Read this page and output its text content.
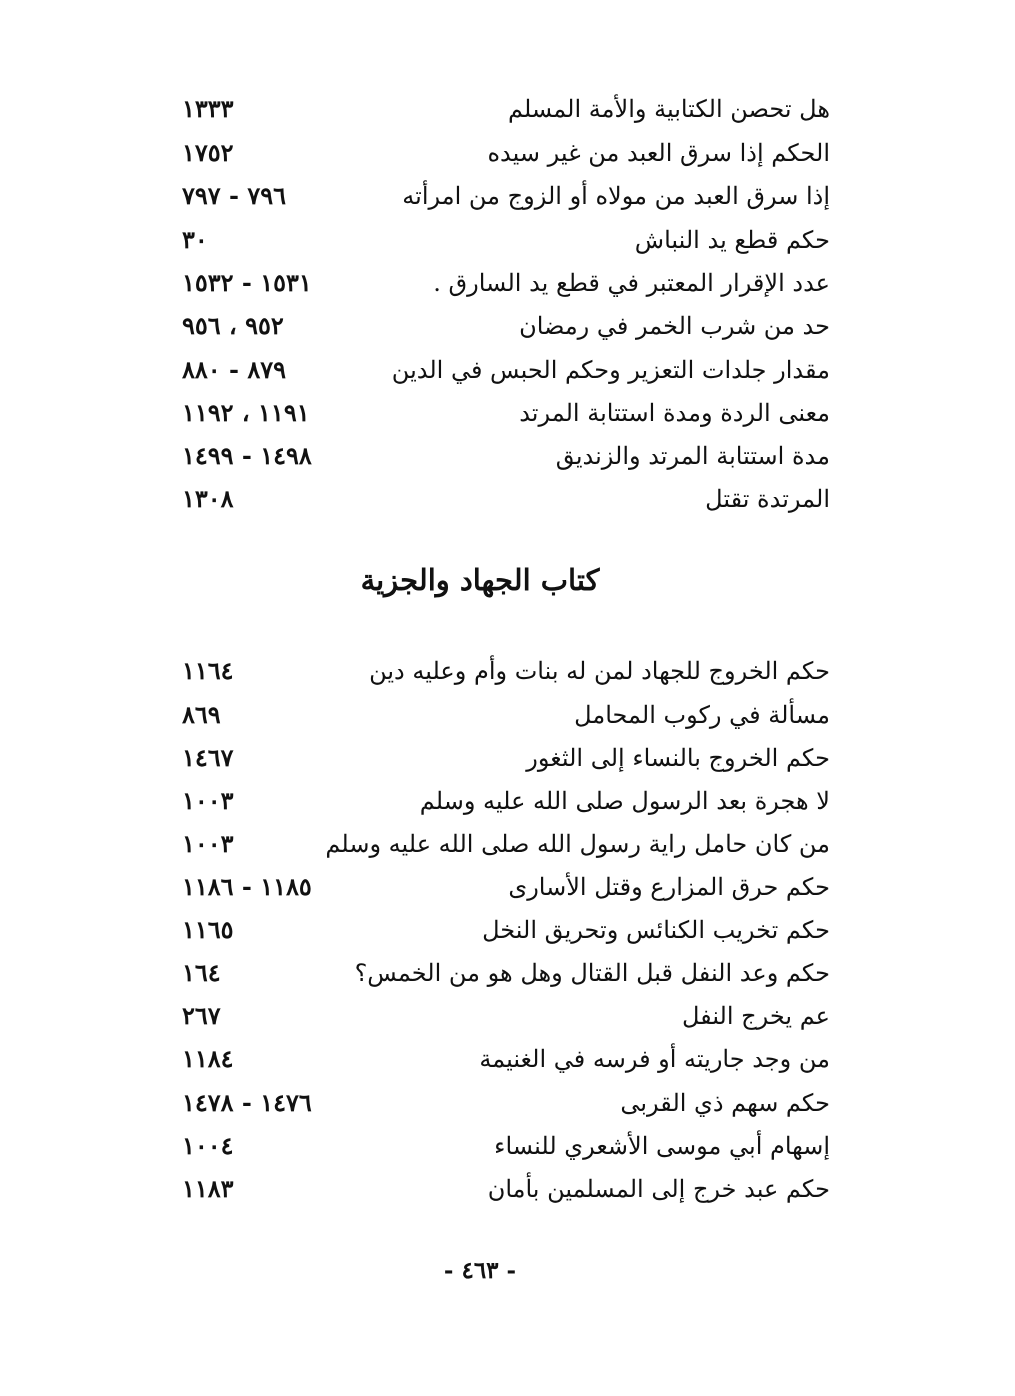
هل تحصن الكتابية والأمة المسلم
١٣٣٣
الحكم إذا سرق العبد من غير سيده
١٧٥٢
إذا سرق العبد من مولاه أو الزوج من امرأته
٧٩٦ - ٧٩٧
حكم قطع يد النباش
٣٠
عدد الإقرار المعتبر في قطع يد السارق .
١٥٣١ - ١٥٣٢
حد من شرب الخمر في رمضان
٩٥٢ ، ٩٥٦
مقدار جلدات التعزير وحكم الحبس في الدين
٨٧٩ - ٨٨٠
معنى الردة ومدة استتابة المرتد
١١٩١ ، ١١٩٢
مدة استتابة المرتد والزنديق
١٤٩٨ - ١٤٩٩
المرتدة تقتل
١٣٠٨
كتاب الجهاد والجزية
حكم الخروج للجهاد لمن له بنات وأم وعليه دين
١١٦٤
مسألة في ركوب المحامل
٨٦٩
حكم الخروج بالنساء إلى الثغور
١٤٦٧
لا هجرة بعد الرسول صلى الله عليه وسلم
١٠٠٣
من كان حامل راية رسول الله صلى الله عليه وسلم
١٠٠٣
حكم حرق المزارع وقتل الأسارى
١١٨٥ - ١١٨٦
حكم تخريب الكنائس وتحريق النخل
١١٦٥
حكم وعد النفل قبل القتال وهل هو من الخمس؟
١٦٤
عم يخرج النفل
٢٦٧
من وجد جاريته أو فرسه في الغنيمة
١١٨٤
حكم سهم ذي القربى
١٤٧٦ - ١٤٧٨
إسهام أبي موسى الأشعري للنساء
١٠٠٤
حكم عبد خرج إلى المسلمين بأمان
١١٨٣
- ٤٦٣ -
